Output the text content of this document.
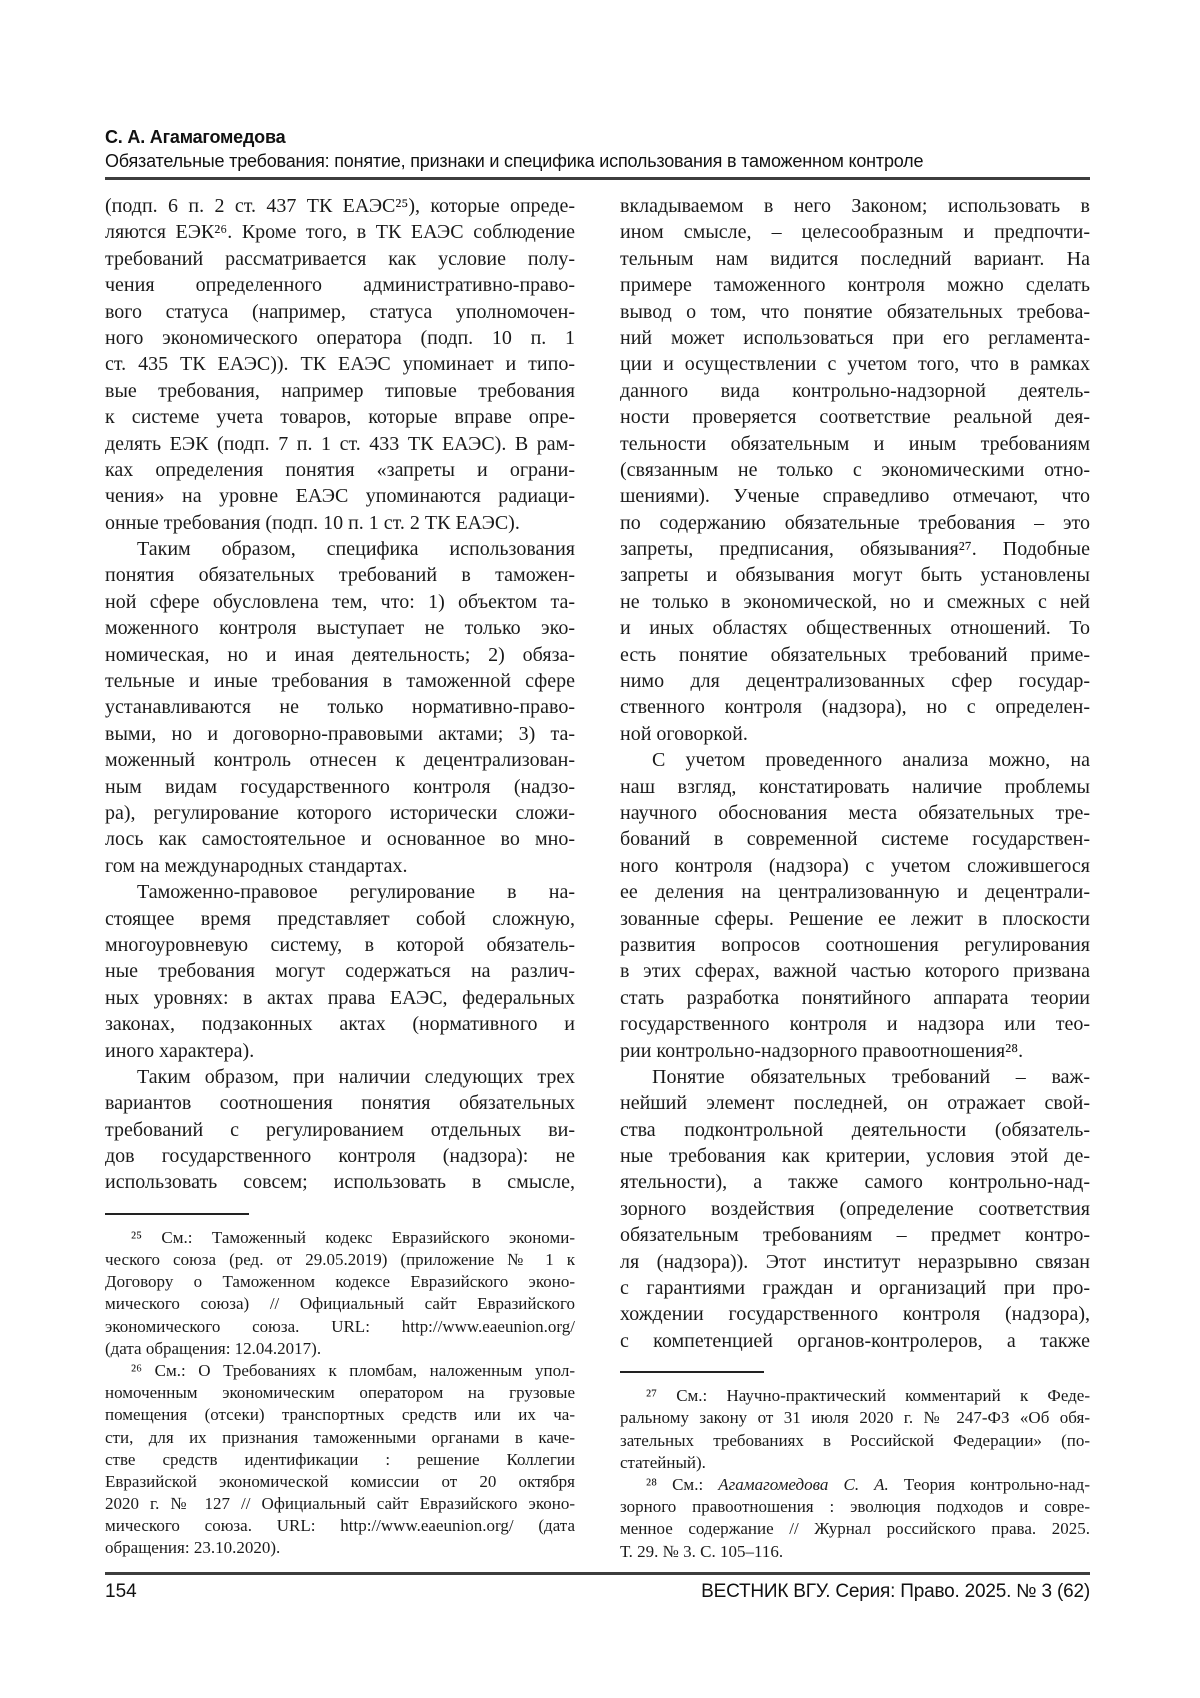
С. А. Агамагомедова
Обязательные требования: понятие, признаки и специфика использования в таможенном контроле
(подп. 6 п. 2 ст. 437 ТК ЕАЭС²⁵), которые опреде-
ляются ЕЭК²⁶. Кроме того, в ТК ЕАЭС соблюдение
требований рассматривается как условие полу-
чения определенного административно-право-
вого статуса (например, статуса уполномочен-
ного экономического оператора (подп. 10 п. 1
ст. 435 ТК ЕАЭС)). ТК ЕАЭС упоминает и типо-
вые требования, например типовые требования
к системе учета товаров, которые вправе опре-
делять ЕЭК (подп. 7 п. 1 ст. 433 ТК ЕАЭС). В рам-
ках определения понятия «запреты и ограни-
чения» на уровне ЕАЭС упоминаются радиаци-
онные требования (подп. 10 п. 1 ст. 2 ТК ЕАЭС).
Таким образом, специфика использования
понятия обязательных требований в таможен-
ной сфере обусловлена тем, что: 1) объектом та-
моженного контроля выступает не только эко-
номическая, но и иная деятельность; 2) обяза-
тельные и иные требования в таможенной сфере
устанавливаются не только нормативно-право-
выми, но и договорно-правовыми актами; 3) та-
моженный контроль отнесен к децентрализован-
ным видам государственного контроля (надзо-
ра), регулирование которого исторически сложи-
лось как самостоятельное и основанное во мно-
гом на международных стандартах.
Таможенно-правовое регулирование в на-
стоящее время представляет собой сложную,
многоуровневую систему, в которой обязатель-
ные требования могут содержаться на различ-
ных уровнях: в актах права ЕАЭС, федеральных
законах, подзаконных актах (нормативного и
иного характера).
Таким образом, при наличии следующих трех
вариантов соотношения понятия обязательных
требований с регулированием отдельных ви-
дов государственного контроля (надзора): не
использовать совсем; использовать в смысле,
²⁵ См.: Таможенный кодекс Евразийского экономи-
ческого союза (ред. от 29.05.2019) (приложение № 1 к
Договору о Таможенном кодексе Евразийского эконо-
мического союза) // Официальный сайт Евразийского
экономического союза. URL: http://www.eaeunion.org/
(дата обращения: 12.04.2017).
²⁶ См.: О Требованиях к пломбам, наложенным упол-
номоченным экономическим оператором на грузовые
помещения (отсеки) транспортных средств или их ча-
сти, для их признания таможенными органами в каче-
стве средств идентификации : решение Коллегии
Евразийской экономической комиссии от 20 октября
2020 г. № 127 // Официальный сайт Евразийского эконо-
мического союза. URL: http://www.eaeunion.org/ (дата
обращения: 23.10.2020).
вкладываемом в него Законом; использовать в
ином смысле, – целесообразным и предпочти-
тельным нам видится последний вариант. На
примере таможенного контроля можно сделать
вывод о том, что понятие обязательных требова-
ний может использоваться при его регламента-
ции и осуществлении с учетом того, что в рамках
данного вида контрольно-надзорной деятель-
ности проверяется соответствие реальной дея-
тельности обязательным и иным требованиям
(связанным не только с экономическими отно-
шениями). Ученые справедливо отмечают, что
по содержанию обязательные требования – это
запреты, предписания, обязывания²⁷. Подобные
запреты и обязывания могут быть установлены
не только в экономической, но и смежных с ней
и иных областях общественных отношений. То
есть понятие обязательных требований приме-
нимо для децентрализованных сфер государ-
ственного контроля (надзора), но с определен-
ной оговоркой.
С учетом проведенного анализа можно, на
наш взгляд, констатировать наличие проблемы
научного обоснования места обязательных тре-
бований в современной системе государствен-
ного контроля (надзора) с учетом сложившегося
ее деления на централизованную и децентрали-
зованные сферы. Решение ее лежит в плоскости
развития вопросов соотношения регулирования
в этих сферах, важной частью которого призвана
стать разработка понятийного аппарата теории
государственного контроля и надзора или тео-
рии контрольно-надзорного правоотношения²⁸.
Понятие обязательных требований – важ-
нейший элемент последней, он отражает свой-
ства подконтрольной деятельности (обязатель-
ные требования как критерии, условия этой де-
ятельности), а также самого контрольно-над-
зорного воздействия (определение соответствия
обязательным требованиям – предмет контро-
ля (надзора)). Этот институт неразрывно связан
с гарантиями граждан и организаций при про-
хождении государственного контроля (надзора),
с компетенцией органов-контролеров, а также
²⁷ См.: Научно-практический комментарий к Феде-
ральному закону от 31 июля 2020 г. № 247-ФЗ «Об обя-
зательных требованиях в Российской Федерации» (по-
статейный).
²⁸ См.: Агамагомедова С. А. Теория контрольно-над-
зорного правоотношения : эволюция подходов и совре-
менное содержание // Журнал российского права. 2025.
Т. 29. № 3. С. 105–116.
154	ВЕСТНИК ВГУ. Серия: Право. 2025. № 3 (62)
